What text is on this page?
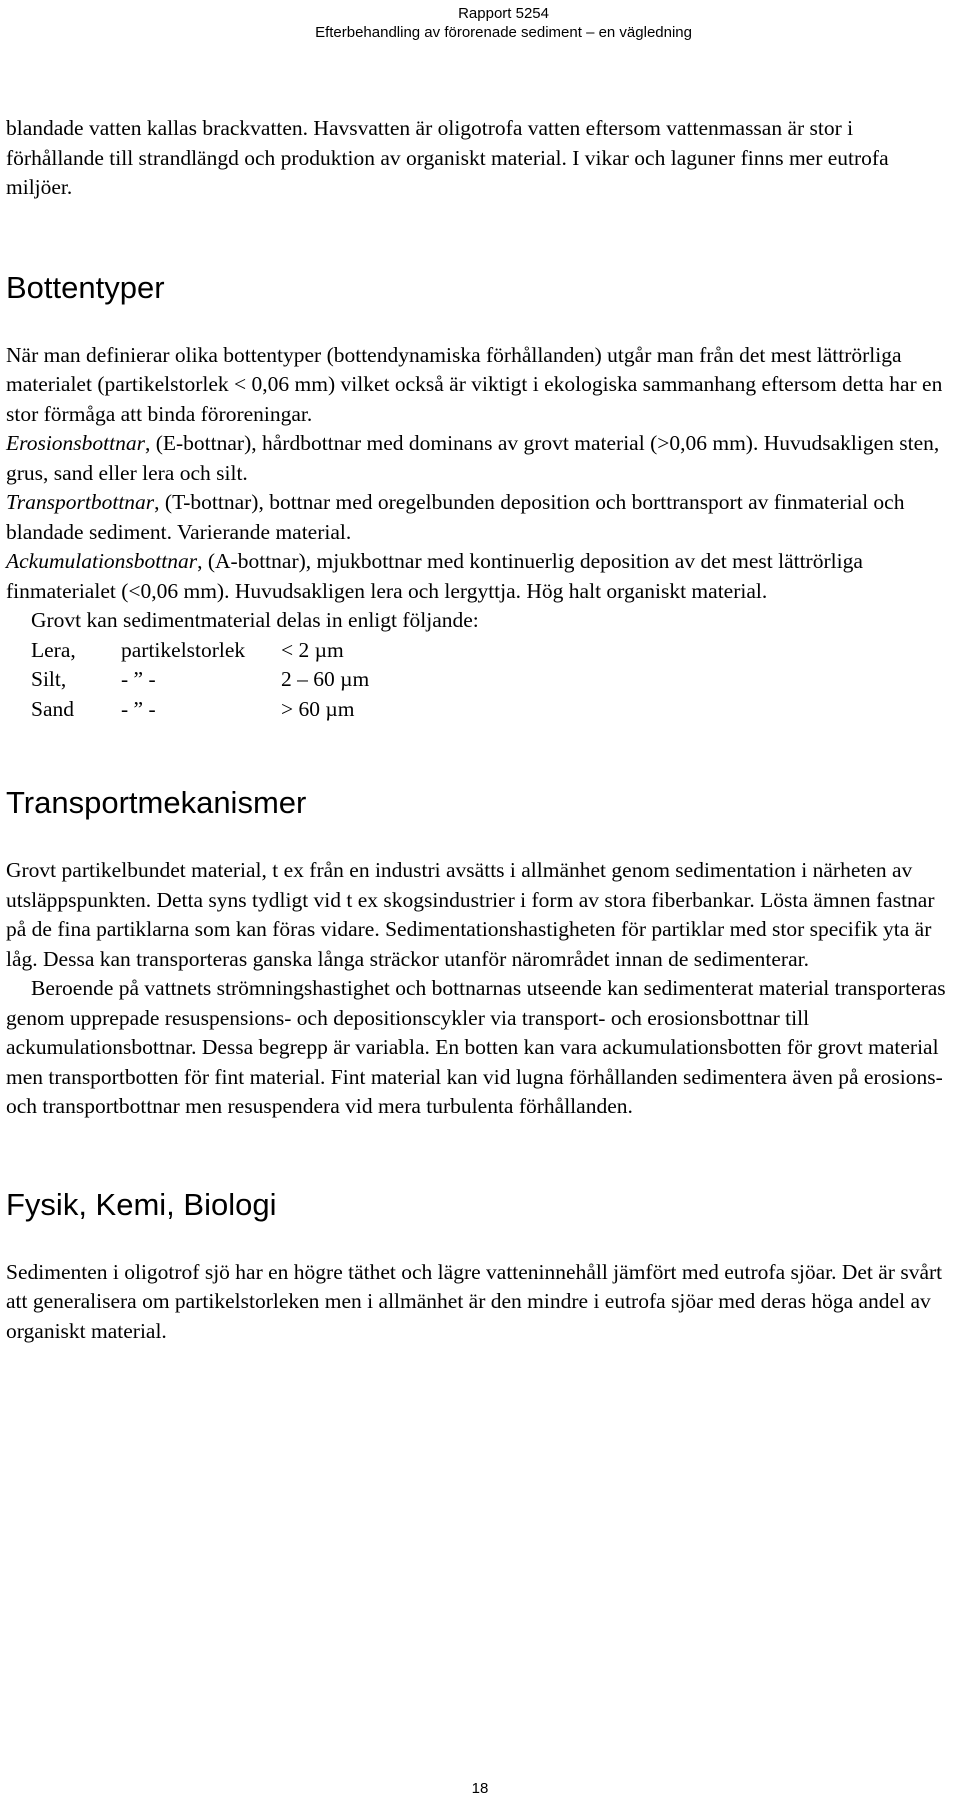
Rapport 5254
Efterbehandling av förorenade sediment – en vägledning

blandade vatten kallas brackvatten. Havsvatten är oligotrofa vatten eftersom vattenmassan är stor i förhållande till strandlängd och produktion av organiskt material. I vikar och laguner finns mer eutrofa miljöer.

Bottentyper

När man definierar olika bottentyper (bottendynamiska förhållanden) utgår man från det mest lättrörliga materialet (partikelstorlek < 0,06 mm) vilket också är viktigt i ekologiska sammanhang eftersom detta har en stor förmåga att binda föroreningar.

Erosionsbottnar, (E-bottnar), hårdbottnar med dominans av grovt material (>0,06 mm). Huvudsakligen sten, grus, sand eller lera och silt.

Transportbottnar, (T-bottnar), bottnar med oregelbunden deposition och borttransport av finmaterial och blandade sediment. Varierande material.

Ackumulationsbottnar, (A-bottnar), mjukbottnar med kontinuerlig deposition av det mest lättrörliga finmaterialet (<0,06 mm). Huvudsakligen lera och lergyttja. Hög halt organiskt material.

Grovt kan sedimentmaterial delas in enligt följande:

Lera,	partikelstorlek	< 2 µm
Silt,	- ” -	2 – 60 µm
Sand	- ” -	> 60 µm
Transportmekanismer

Grovt partikelbundet material, t ex från en industri avsätts i allmänhet genom sedimentation i närheten av utsläppspunkten. Detta syns tydligt vid t ex skogsindustrier i form av stora fiberbankar. Lösta ämnen fastnar på de fina partiklarna som kan föras vidare. Sedimentationshastigheten för partiklar med stor specifik yta är låg. Dessa kan transporteras ganska långa sträckor utanför närområdet innan de sedimenterar.

Beroende på vattnets strömningshastighet och bottnarnas utseende kan sedimenterat material transporteras genom upprepade resuspensions- och depositionscykler via transport- och erosionsbottnar till ackumulationsbottnar. Dessa begrepp är variabla. En botten kan vara ackumulationsbotten för grovt material men transportbotten för fint material. Fint material kan vid lugna förhållanden sedimentera även på erosions- och transportbottnar men resuspendera vid mera turbulenta förhållanden.

Fysik, Kemi, Biologi

Sedimenten i oligotrof sjö har en högre täthet och lägre vatteninnehåll jämfört med eutrofa sjöar. Det är svårt att generalisera om partikelstorleken men i allmänhet är den mindre i eutrofa sjöar med deras höga andel av organiskt material.

18
